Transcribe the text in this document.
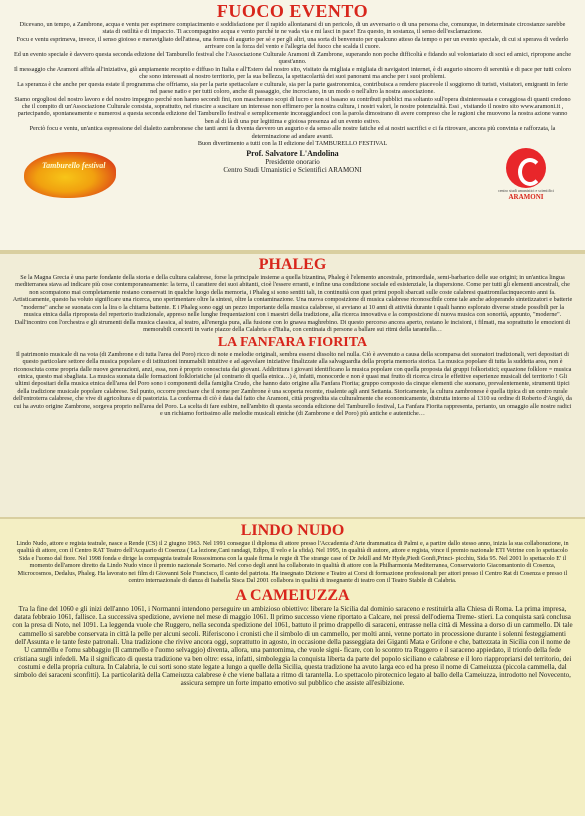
FUOCO EVENTO

Dicevano, un tempo, a Zambrone, acqua e ventu per esprimere compiacimento e soddisfazione per il rapido allontanarsi di un pericolo, di un avversario o di una persona che, comunque, in determinate circostanze sarebbe stata di ostilità e di impaccio. Ti accompagnino acqua e vento purché te ne vada via e mi lasci in pace! Era questo, in sostanza, il senso dell'esclamazione.

Focu e ventu esprimeva, invece, il senso gioioso e meravigliato dell'attesa, una forma di augurio per sé e per gli altri, una sorta di benvenuto per qualcuno atteso da tempo o per un evento speciale, di cui si sperava di vederlo arrivare con la forza del vento e l'allegria del fuoco che scalda il cuore.

Ed un evento speciale è davvero questa seconda edizione del Tamburello festival che l'Associazione Culturale Aramoni di Zambrone, superando non poche difficoltà e fidando sul volontariato di soci ed amici, ripropone anche quest'anno.

Il messaggio che Aramoni affida all'iniziativa, già ampiamente recepito e diffuso in Italia e all'Estero dal nostro sito, visitato da migliaia e migliaia di navigatori internet, è di augurio sincero di serenità e di pace per tutti coloro che sono interessati al nostro territorio, per la sua bellezza, la spettacolarità dei suoi panorami ma anche per i suoi problemi.

La speranza è che anche per questa estate il programma che offriamo, sia per la parte spettacolare e culturale, sia per la parte gastronomica, contribuisca a rendere piacevole il soggiorno di turisti, visitatori, emigranti in ferie nel paese natio e per tutti coloro, anche di passaggio, che incrociano, in un modo o nell'altro la nostra associazione.

Siamo orgogliosi del nostro lavoro e del nostro impegno perché non hanno secondi fini, non mascherano scopi di lucro e non si basano su contributi pubblici ma soltanto sull'opera disinteressata e coraggiosa di quanti credono che il compito di un'Associazione Culturale consista, soprattutto, nel riuscire a suscitare un interesse non effimero per la nostra cultura, i nostri valori, le nostre potenzialità. Essi , visitando il nostro sito www.aramoni.it , partecipando, spontaneamente e numerosi a questa seconda edizione del Tamburello festival e semplicemente incoraggiandoci con la parola dimostrano di avere compreso che le ragioni che muovono la nostra azione vanno ben al di là di una pur legittima e gioiosa presenza ad un evento estivo.

Perciò focu e ventu, un'antica espressione del dialetto zambronese che tanti anni fa diventa davvero un augurio e da senso alle nostre fatiche ed ai nostri sacrifici e ci fa ritrovare, ancora più convinta e rafforzata, la determinazione ad andare avanti.

Buon divertimento a tutti con la II edizione del TAMBURELLO FESTIVAL

Tamburello festival

Prof. Salvatore L'Andolina

Presidente onorario

Centro Studi Umanistici e Scientifici ARAMONI

centro studi umanistici e scientifici
ARAMONI
PHALEG

Se la Magna Grecia è una parte fondante della storia e della cultura calabrese, forse la principale insieme a quella bizantina, Phaleg è l'elemento ancestrale, primordiale, semi-barbarico delle sue origini; in un'antica lingua mediterranea stava ad indicare più cose contemporaneamente: la terra, il carattere dei suoi abitanti, cioè l'essere erranti, e infine una condizione sociale ed esistenziale, la dispersione. Come per tutti gli elementi ancestrali, che non scompaiono mai completamente restano conservati in qualche luogo della memoria, i Phaleg si sono sentiti tali, in continuità con quei primi popoli sbarcati sulle coste calabresi quattromilacinquecento anni fa. Artisticamente, questo ha voluto significare una ricerca, uno sperimentare oltre la sintesi, oltre la contaminazione. Una nuova composizione di musica calabrese riconoscibile come tale anche adoperando sintetizzatori e batterie "moderne" anche se suonata con la lira o la chitarra battente. E i Phaleg sono oggi un pezzo importante della musica calabrese, si avviano ai 10 anni di attività durante i quali hanno esplorato diverse strade possibili per la musica etnica dalla riproposta del repertorio tradizionale, appreso nelle lunghe frequentazioni con i maestri della tradizione, alla ricerca innovativa e la composizione di nuova musica con sonorità, appunto, "moderne". Dall'incontro con l'orchestra e gli strumenti della musica classica, al teatro, all'energia pura, alla fusione con lo gnawa maghrebino. Di questo percorso ancora aperto, restano le incisioni, i filmati, ma soprattutto le emozioni di memorabili concerti in varie piazze della Calabria e d'Italia, con centinaia di persone a ballare sui ritmi della tarantella…

LA FANFARA FIORITA

Il patrimonio musicale di na vota (di Zambrone e di tutta l'area del Poro) ricco di note e melodie originali, sembra essersi dissolto nel nulla. Ciò è avvenuto a causa della scomparsa dei suonatori tradizionali, veri depositari di questo particolare settore della musica popolare e di istituzioni innumabili intuitive e ad agevolare iniziative finalizzate alla salvaguardia della propria memoria storica. La musica popolare di tutta la suddetta area, non è riconosciuta come propria dalle nuove generazioni, anzi, essa, non è proprio conosciuta dai giovani. Addirittura i giovani identificano la musica popolare con quella proposta dai gruppi folkoristici; equazione folklore = musica etnica, questo mai sbagliata. La musica suonata dalle formazioni folkloristiche (al contrario di quella etnica…) è, infatti, monocorde e non è quasi mai frutto di ricerca circa le effettive esperienze musicali del territorio ! Gli ultimi depositari della musica etnica dell'area del Poro sono i componenti della famiglia Crudo, che hanno dato origine alla Fanfara Fiorita; gruppo composto da cinque elementi che suonano, prevalentemente, strumenti tipici della tradizione musicale popolare calabrese. Sul punto, occorre precisare che il nome per Zambrone è una scoperta recente, risalente agli anni Settanta. Storicamente, la cultura zambronese è quella tipica di un centro rurale dell'entroterra calabrese, che vive di agricoltura e di pastorizia. La conferma di ciò è data dal fatto che Aramoni, città progredita sia culturalmente che economicamente, distrutta intorno al 1310 su ordine di Roberto d'Angiò, da cui ha avuto origine Zambrone, sorgeva proprio nell'area del Poro. La scelta di fare esibire, nell'ambito di questa seconda edizione del Tamburello festival, La Fanfara Fiorita rappresenta, pertanto, un omaggio alle nostre radici e un richiamo fortissimo alle melodie musicali etniche (di Zambrone e del Poro) più antiche e autentiche…

LINDO NUDO

Lindo Nudo, attore e regista teatrale, nasce a Rende (CS) il 2 giugno 1963. Nel 1991 consegue il diploma di attore presso l'Accademia d'Arte drammatica di Palmi e, a partire dallo stesso anno, inizia la sua collaborazione, in qualità di attore, con il Centro RAT Teatro dell'Acquario di Cosenza ( La lezione,Cani randagi, Edipo, Il velo e la sfida). Nel 1995, in qualità di autore, attore e regista, vince il premio nazionale ETI Vetrine con lo spettacolo Sida e l'uomo dal fiore. Nel 1998 fonda e dirige la compagnia teatrale Rossosimona con la quale firma le regie di The strange case of Dr Jekill and Mr Hyde,Piedi Gonfi,Princi- picchiu, Sida 95. Nel 2001 lo spettacolo E' il momento dell'amore diretto da Lindo Nudo vince il premio nazionale Scenario. Nel corso degli anni ha collaborato in qualità di attore con la Philharmonia Mediterranea, Conservatorio Giacomantonio di Cosenza, Microcosmos, Dedalus, Phaleg. Ha lavorato nei film di Giovanni Sole Francisco, Il canto del patriota. Ha insegnato Dizione e Teatro ai Corsi di formazione professionali per attori presso il Centro Rat di Cosenza e presso il centro internazionale di danza di Isabella Sisca Dal 2001 collabora in qualità di insegnante di teatro con il Teatro Stabile di Calabria.

A CAMEIUZZA

Tra la fine del 1060 e gli inizi dell'anno 1061, i Normanni intendono perseguire un ambizioso obiettivo: liberare la Sicilia dal dominio saraceno e restituirla alla Chiesa di Roma. La prima impresa, datata febbraio 1061, fallisce. La successiva spedizione, avviene nel mese di maggio 1061. Il primo successo viene riportato a Calcare, nei pressi dell'odierna Treme- stieri. La conquista sarà conclusa con la presa di Noto, nel 1091. La leggenda vuole che Ruggero, nella seconda spedizione del 1061, battuto il primo drappello di saraceni, entrasse nella città di Messina a dorso di un cammello. Di tale cammello si sarebbe conservata in città la pelle per alcuni secoli. Riferiscono i cronisti che il simbolo di un cammello, per molti anni, venne portato in processione durante i solenni festeggiamenti dell'Assunta e le tante feste patronali. Una tradizione che rivive ancora oggi, soprattutto in agosto, in occasione della passeggiata dei Giganti Mata e Grifone e che, battezzata in Sicilia con il nome de U cammèllu e l'omu sabbaggiu (Il cammello e l'uomo selvaggio) diventa, allora, una pantomima, che vuole signi- ficare, con lo scontro tra Ruggero e il saraceno appiedato, il trionfo della fede cristiana sugli infedeli. Ma il significato di questa tradizione va ben oltre: essa, infatti, simboleggia la conquista liberta da parte del popolo siciliano e calabrese e il loro riappropriarsi del territorio, dei costumi e della propria cultura. In Calabria, le cui sorti sono state legate a lungo a quelle della Sicilia, questa tradizione ha avuto larga eco ed ha preso il nome di Cameiuzza (piccola cammella, dal simbolo dei saraceni sconfitti). La particolarità della Cameiuzza calabrese è che viene ballata a ritmo di tarantella. Lo spettacolo pirotecnico legato al ballo della Cameiuzza, introdotto nel Novecento, assicura sempre un forte impatto emotivo sul pubblico che assiste all'esibizione.
